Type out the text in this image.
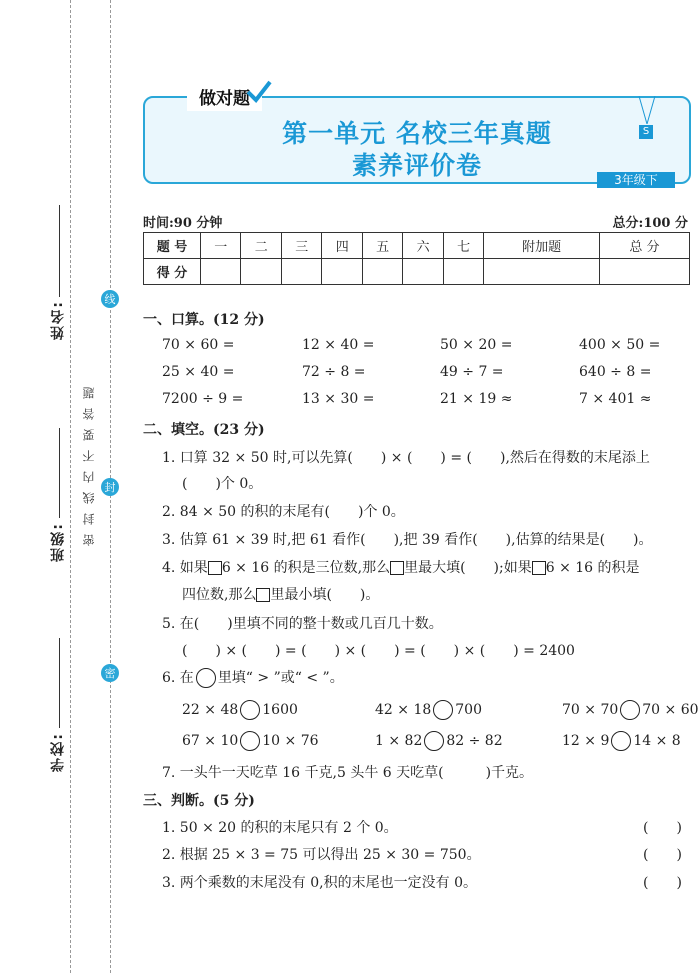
姓名:
班级:
学校:
密封线内不要答题
线
封
密
做对题
第一单元 名校三年真题
素养评价卷
S
3年级下
时间:90 分钟	总分:100 分
题 号	一	二	三	四	五	六	七	附加题	总 分
得 分									
一、口算。(12 分)
70 × 60 =	12 × 40 =	50 × 20 =	400 × 50 =
25 × 40 =	72 ÷ 8 =	49 ÷ 7 =	640 ÷ 8 =
7200 ÷ 9 =	13 × 30 =	21 × 19 ≈	7 × 401 ≈
二、填空。(23 分)
1. 口算 32 × 50 时,可以先算(　　) × (　　) = (　　),然后在得数的末尾添上
(　　)个 0。
2. 84 × 50 的积的末尾有(　　)个 0。
3. 估算 61 × 39 时,把 61 看作(　　),把 39 看作(　　),估算的结果是(　　)。
4. 如果 6 × 16 的积是三位数,那么 里最大填(　　);如果 6 × 16 的积是
四位数,那么 里最小填(　　)。
5. 在(　　)里填不同的整十数或几百几十数。
(　　) × (　　) = (　　) × (　　) = (　　) × (　　) = 2400
6. 在 里填“ > ”或“ < ”。
22 × 48 1600	42 × 18 700	70 × 70 70 × 60
67 × 10 10 × 76	1 × 82 82 ÷ 82	12 × 9 14 × 8
7. 一头牛一天吃草 16 千克,5 头牛 6 天吃草(　　　)千克。
三、判断。(5 分)
1. 50 × 20 的积的末尾只有 2 个 0。	(　　)
2. 根据 25 × 3 = 75 可以得出 25 × 30 = 750。	(　　)
3. 两个乘数的末尾没有 0,积的末尾也一定没有 0。	(　　)
